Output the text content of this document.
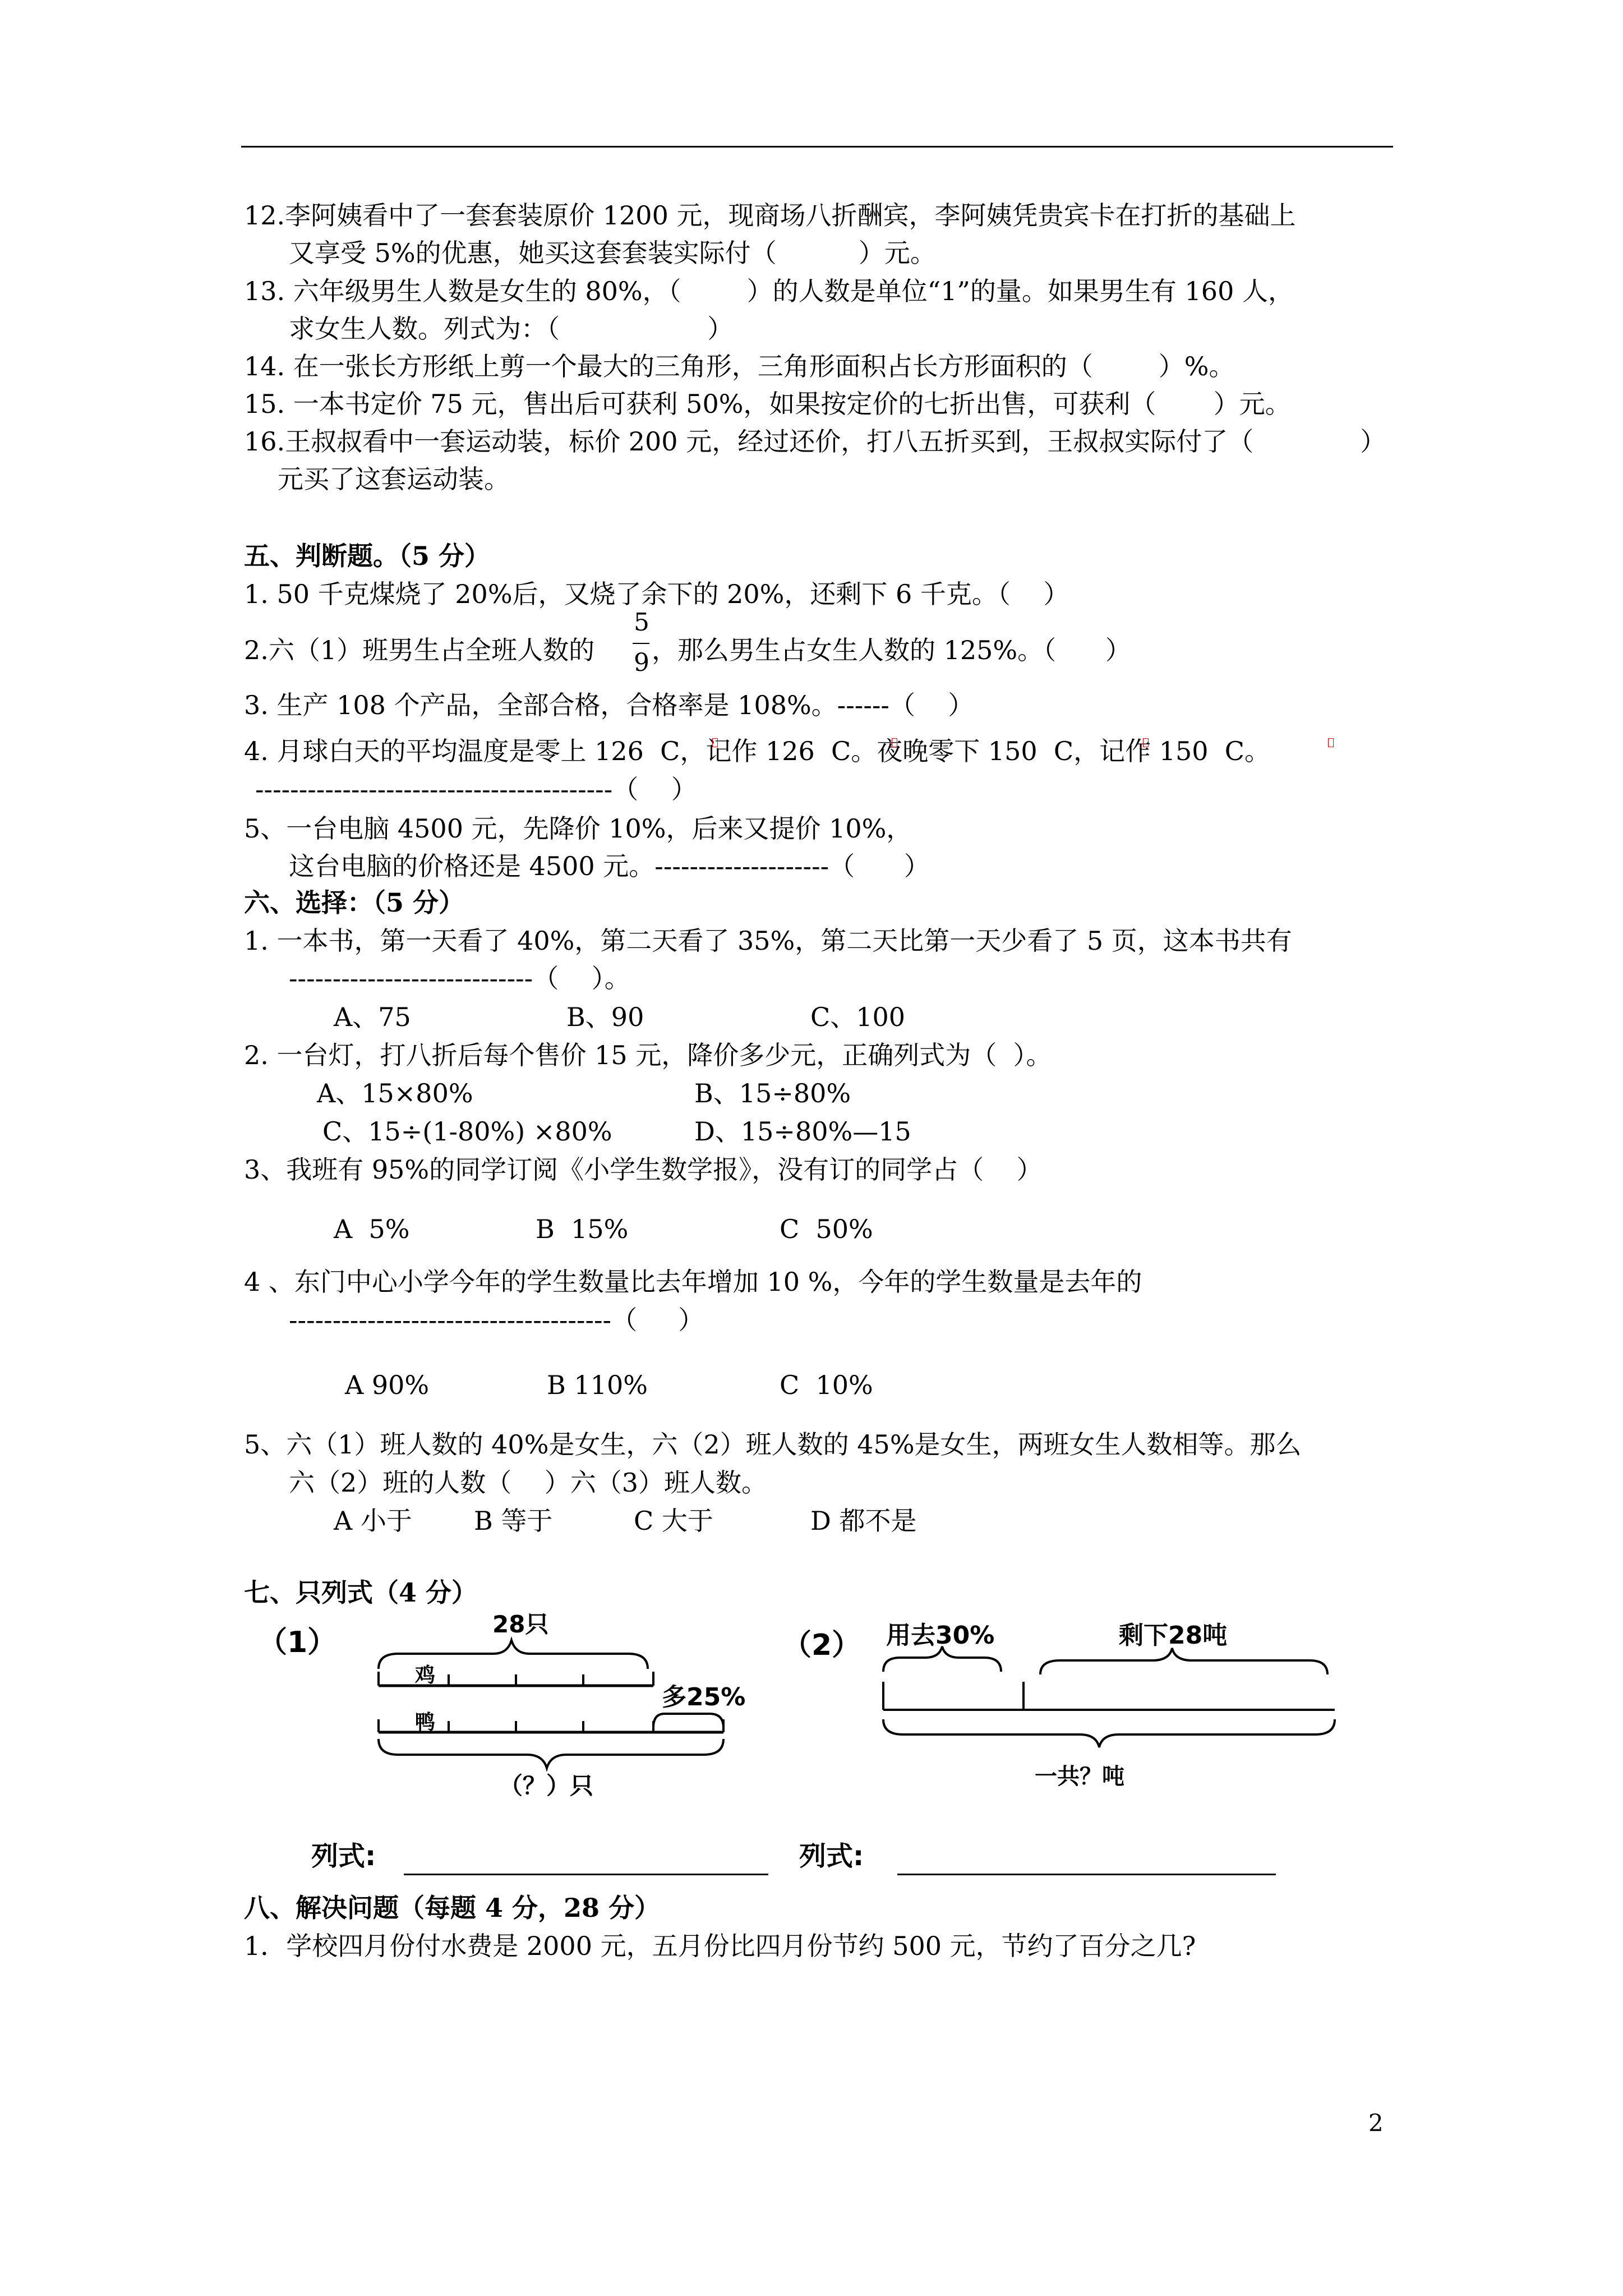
12.李阿姨看中了一套套装原价 1200 元，现商场八折酬宾，李阿姨凭贵宾卡在打折的基础上
又享受 5%的优惠，她买这套套装实际付（          ）元。
13. 六年级男生人数是女生的 80%，（        ）的人数是单位“1”的量。如果男生有 160 人，
求女生人数。列式为：（                  ）
14. 在一张长方形纸上剪一个最大的三角形，三角形面积占长方形面积的（        ）%。
15. 一本书定价 75 元，售出后可获利 50%，如果按定价的七折出售，可获利（       ）元。
16.王叔叔看中一套运动装，标价 200 元，经过还价，打八五折买到，王叔叔实际付了（             ）
元买了这套运动装。
五、判断题。（5 分）
1. 50 千克煤烧了 20%后，又烧了余下的 20%，还剩下 6 千克。（    ）
2.六（1）班男生占全班人数的
5
9 ，那么男生占女生人数的 125%。（      ）
3. 生产 108 个产品，全部合格，合格率是 108%。------（    ）
4. 月球白天的平均温度是零上 126  C，记作 126  C。夜晚零下 150  C，记作 150  C。
-----------------------------------------（    ）
5、一台电脑 4500 元，先降价 10%，后来又提价 10%，
这台电脑的价格还是 4500 元。--------------------（      ）
六、选择：（5 分）
1. 一本书，第一天看了 40%，第二天看了 35%，第二天比第一天少看了 5 页，这本书共有
----------------------------（    ）。
A、75	B、90	C、100
2. 一台灯，打八折后每个售价 15 元，降价多少元，正确列式为（  ）。
A、15×80%	B、15÷80%
C、15÷(1-80%) ×80%	D、15÷80%—15
3、我班有 95%的同学订阅《小学生数学报》，没有订的同学占（    ）
A  5%	B  15%	C  50%
4 、东门中心小学今年的学生数量比去年增加 10 %，今年的学生数量是去年的
-------------------------------------（     ）
A 90%	B 110%	C  10%
5、六（1）班人数的 40%是女生，六（2）班人数的 45%是女生，两班女生人数相等。那么
六（2）班的人数（    ）六（3）班人数。
A 小于 B 等于	C 大于	D 都不是
七、只列式（4 分）
（1）
28只
鸡
多25%
鸭
（？）只
（2） 用去30%	剩下28吨
一共？吨
列式:	列式:
八、解决问题（每题 4 分，28 分）
1．学校四月份付水费是 2000 元，五月份比四月份节约 500 元，节约了百分之几?
2
